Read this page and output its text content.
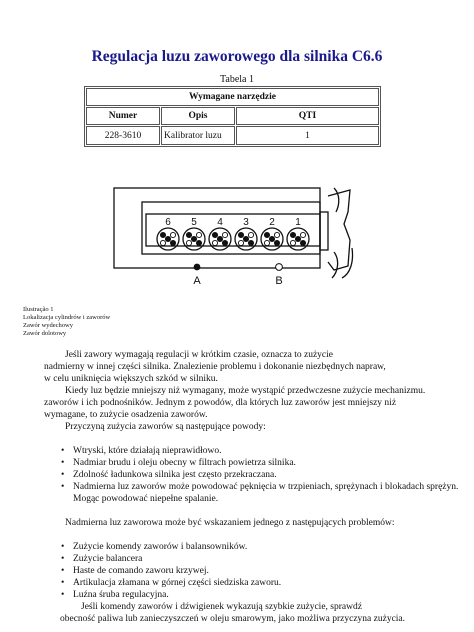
Regulacja luzu zaworowego dla silnika C6.6
Tabela 1
Wymagane narzędzie		
Numer	Opis	QTI
228-3610	Kalibrator luzu	1
6 5 4 3 2 1
A	B
Ilustração 1
Lokalizacja cylindrów i zaworów
Zawór wydechowy
Zawór dolotowy

Jeśli zawory wymagają regulacji w krótkim czasie, oznacza to zużycie

nadmierny w innej części silnika. Znalezienie problemu i dokonanie niezbędnych napraw,

w celu uniknięcia większych szkód w silniku.

Kiedy luz będzie mniejszy niż wymagany, może wystąpić przedwczesne zużycie mechanizmu.

zaworów i ich podnośników. Jednym z powodów, dla których luz zaworów jest mniejszy niż

wymagane, to zużycie osadzenia zaworów.

Przyczyną zużycia zaworów są następujące powody:

• Wtryski, które działają nieprawidłowo.
• Nadmiar brudu i oleju obecny w filtrach powietrza silnika.
• Zdolność ładunkowa silnika jest często przekraczana.
• Nadmierna luz zaworów może powodować pęknięcia w trzpieniach, sprężynach i blokadach sprężyn.

Mogąc powodować niepełne spalanie.

Nadmierna luz zaworowa może być wskazaniem jednego z następujących problemów:

• Zużycie komendy zaworów i balansowników.
• Zużycie balancera
• Haste de comando zaworu krzywej.
• Artikulacja złamana w górnej części siedziska zaworu.
• Luźna śruba regulacyjna.

Jeśli komendy zaworów i dźwigienek wykazują szybkie zużycie, sprawdź

obecność paliwa lub zanieczyszczeń w oleju smarowym, jako możliwa przyczyna zużycia.
